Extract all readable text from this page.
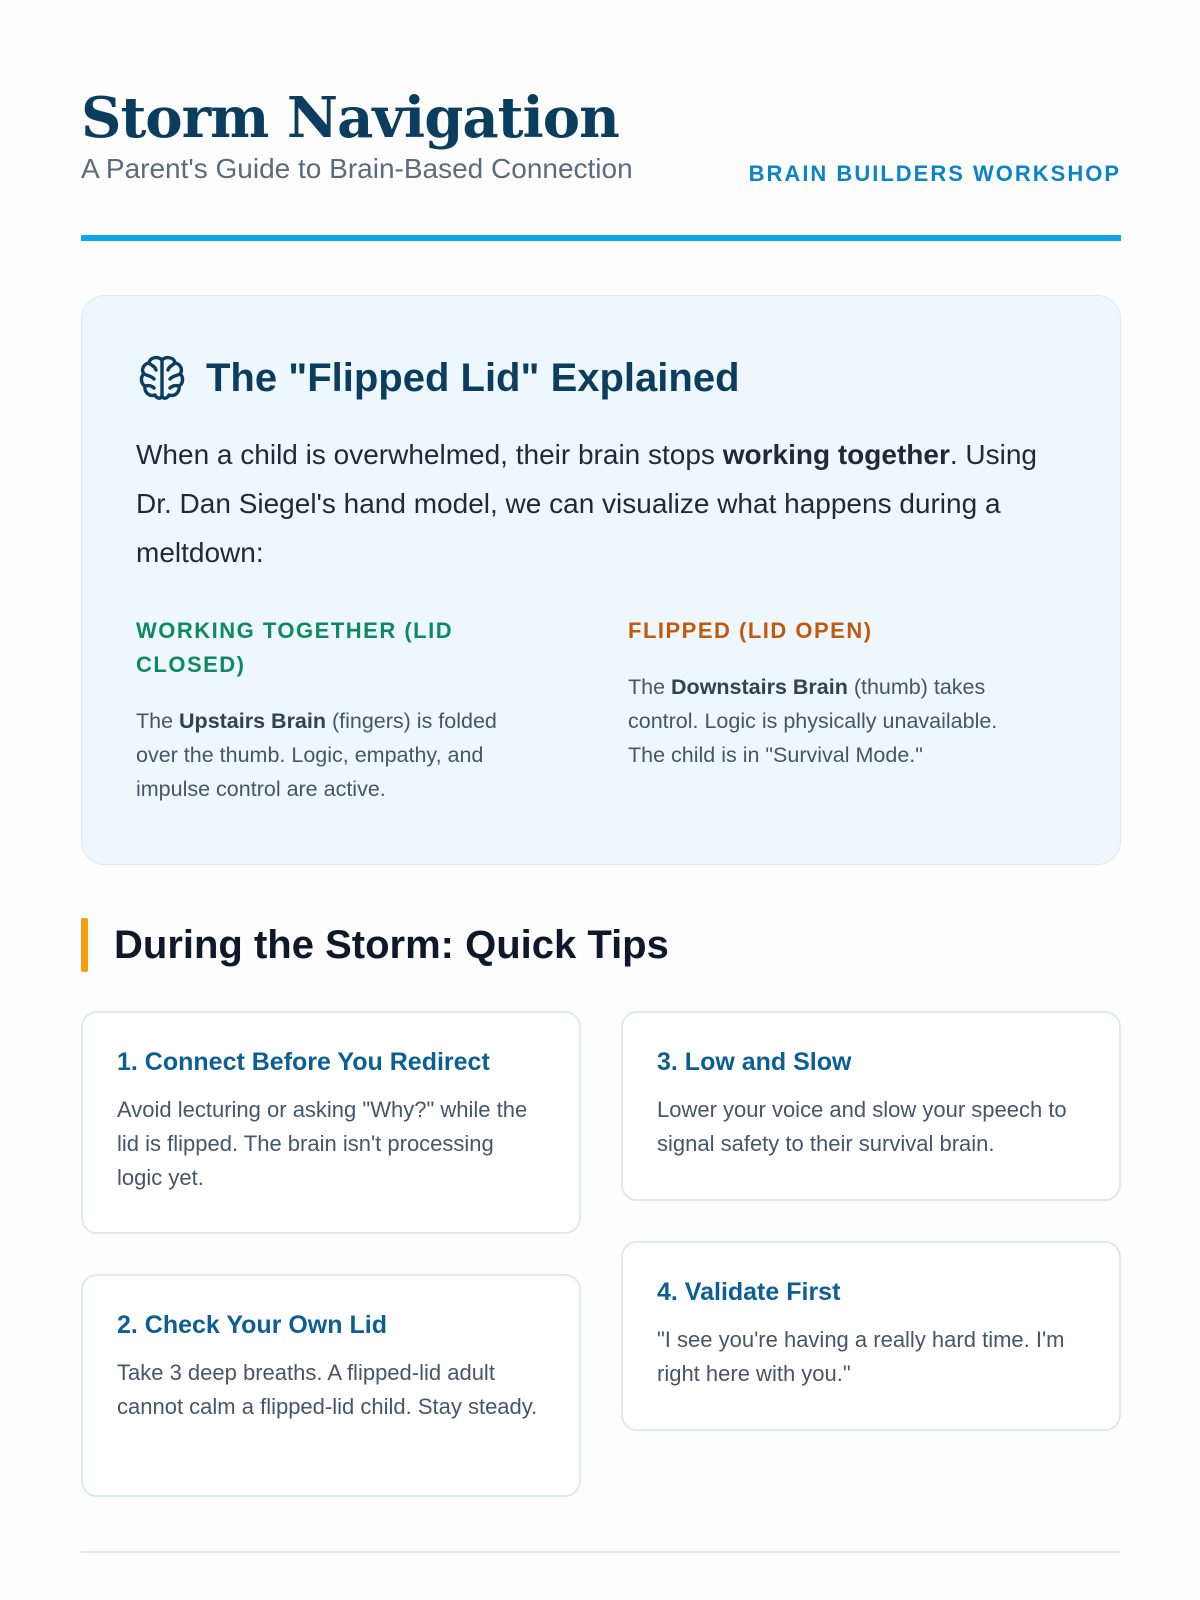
Storm Navigation
A Parent's Guide to Brain-Based Connection	BRAIN BUILDERS WORKSHOP
The "Flipped Lid" Explained

When a child is overwhelmed, their brain stops working together. Using Dr. Dan Siegel's hand model, we can visualize what happens during a meltdown:

WORKING TOGETHER (LID CLOSED)

The Upstairs Brain (fingers) is folded over the thumb. Logic, empathy, and impulse control are active.

FLIPPED (LID OPEN)

The Downstairs Brain (thumb) takes control. Logic is physically unavailable. The child is in "Survival Mode."

During the Storm: Quick Tips
1. Connect Before You Redirect

Avoid lecturing or asking "Why?" while the lid is flipped. The brain isn't processing logic yet.

2. Check Your Own Lid

Take 3 deep breaths. A flipped-lid adult cannot calm a flipped-lid child. Stay steady.

3. Low and Slow

Lower your voice and slow your speech to signal safety to their survival brain.

4. Validate First

"I see you're having a really hard time. I'm right here with you."
